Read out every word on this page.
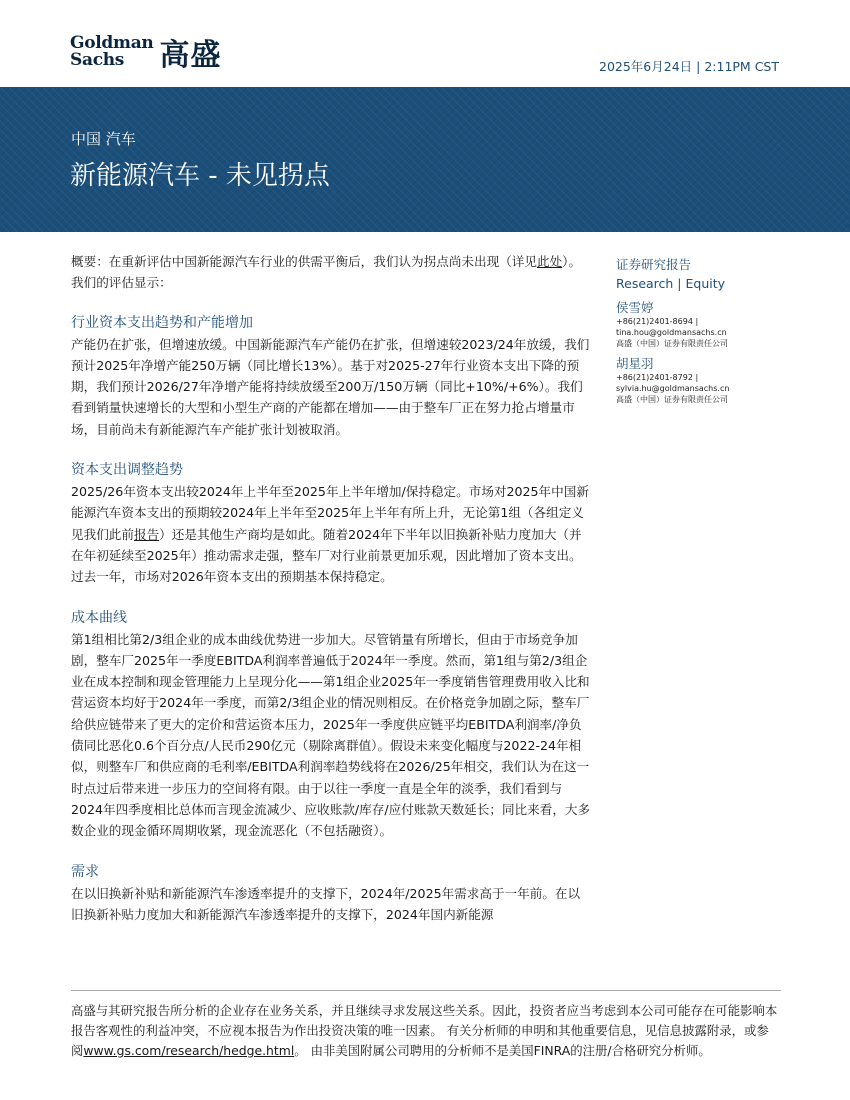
Goldman
Sachs	高盛	2025年6月24日 | 2:11PM CST
中国 汽车
新能源汽车 - 未见拐点

概要：在重新评估中国新能源汽车行业的供需平衡后，我们认为拐点尚未出现（详见此处）。我们的评估显示：

行业资本支出趋势和产能增加

产能仍在扩张，但增速放缓。中国新能源汽车产能仍在扩张，但增速较2023/24年放缓，我们预计2025年净增产能250万辆（同比增长13%）。基于对2025-27年行业资本支出下降的预期，我们预计2026/27年净增产能将持续放缓至200万/150万辆（同比+10%/+6%）。我们看到销量快速增长的大型和小型生产商的产能都在增加——由于整车厂正在努力抢占增量市场，目前尚未有新能源汽车产能扩张计划被取消。

资本支出调整趋势

2025/26年资本支出较2024年上半年至2025年上半年增加/保持稳定。市场对2025年中国新能源汽车资本支出的预期较2024年上半年至2025年上半年有所上升，无论第1组（各组定义见我们此前报告）还是其他生产商均是如此。随着2024年下半年以旧换新补贴力度加大（并在年初延续至2025年）推动需求走强，整车厂对行业前景更加乐观，因此增加了资本支出。过去一年，市场对2026年资本支出的预期基本保持稳定。

成本曲线

第1组相比第2/3组企业的成本曲线优势进一步加大。尽管销量有所增长，但由于市场竞争加剧，整车厂2025年一季度EBITDA利润率普遍低于2024年一季度。然而，第1组与第2/3组企业在成本控制和现金管理能力上呈现分化——第1组企业2025年一季度销售管理费用收入比和营运资本均好于2024年一季度，而第2/3组企业的情况则相反。在价格竞争加剧之际，整车厂给供应链带来了更大的定价和营运资本压力，2025年一季度供应链平均EBITDA利润率/净负债同比恶化0.6个百分点/人民币290亿元（剔除离群值）。假设未来变化幅度与2022-24年相似，则整车厂和供应商的毛利率/EBITDA利润率趋势线将在2026/25年相交，我们认为在这一时点过后带来进一步压力的空间将有限。由于以往一季度一直是全年的淡季，我们看到与2024年四季度相比总体而言现金流减少、应收账款/库存/应付账款天数延长；同比来看，大多数企业的现金循环周期收紧，现金流恶化（不包括融资）。

需求

在以旧换新补贴和新能源汽车渗透率提升的支撑下，2024年/2025年需求高于一年前。在以旧换新补贴力度加大和新能源汽车渗透率提升的支撑下，2024年国内新能源

证券研究报告
Research | Equity
侯雪婷
+86(21)2401-8694 |
tina.hou@goldmansachs.cn
高盛（中国）证券有限责任公司
胡星羽
+86(21)2401-8792 |
sylvia.hu@goldmansachs.cn
高盛（中国）证券有限责任公司

高盛与其研究报告所分析的企业存在业务关系，并且继续寻求发展这些关系。因此，投资者应当考虑到本公司可能存在可能影响本报告客观性的利益冲突，不应视本报告为作出投资决策的唯一因素。 有关分析师的申明和其他重要信息，见信息披露附录，或参阅www.gs.com/research/hedge.html。 由非美国附属公司聘用的分析师不是美国FINRA的注册/合格研究分析师。
